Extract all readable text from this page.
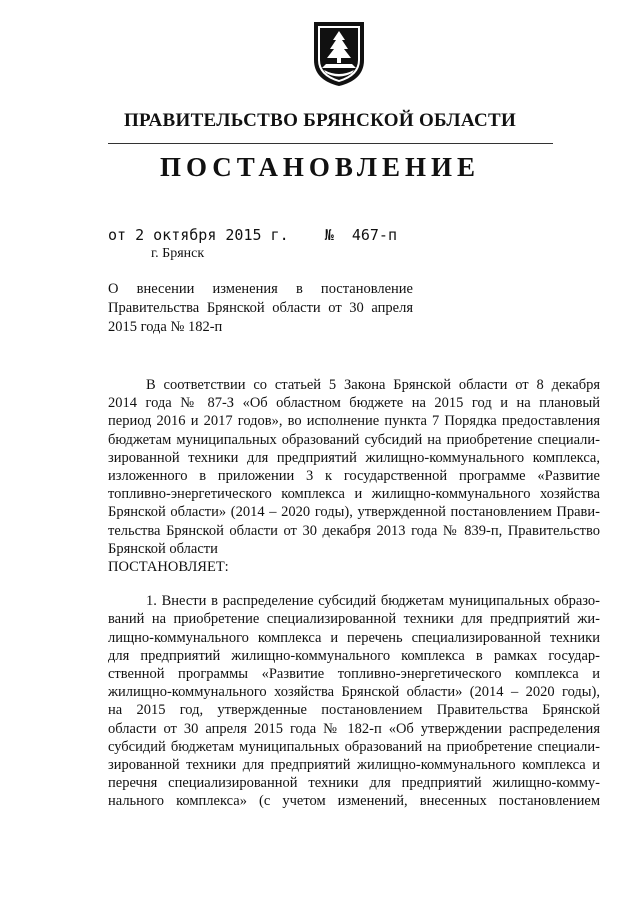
ПРАВИТЕЛЬСТВО БРЯНСКОЙ ОБЛАСТИ
ПОСТАНОВЛЕНИЕ
от 2 октября 2015 г. № 467-п
г. Брянск
О внесении изменения в постановление
Правительства Брянской области от 30 апреля
2015 года № 182-п

В соответствии со статьей 5 Закона Брянской области от 8 декабря
2014 года № 87-З «Об областном бюджете на 2015 год и на плановый
период 2016 и 2017 годов», во исполнение пункта 7 Порядка предоставления
бюджетам муниципальных образований субсидий на приобретение специали-
зированной техники для предприятий жилищно-коммунального комплекса,
изложенного в приложении 3 к государственной программе «Развитие
топливно-энергетического комплекса и жилищно-коммунального хозяйства
Брянской области» (2014 – 2020 годы), утвержденной постановлением Прави-
тельства Брянской области от 30 декабря 2013 года № 839-п, Правительство
Брянской области

ПОСТАНОВЛЯЕТ:

1. Внести в распределение субсидий бюджетам муниципальных образо-
ваний на приобретение специализированной техники для предприятий жи-
лищно-коммунального комплекса и перечень специализированной техники
для предприятий жилищно-коммунального комплекса в рамках государ-
ственной программы «Развитие топливно-энергетического комплекса и
жилищно-коммунального хозяйства Брянской области» (2014 – 2020 годы),
на 2015 год, утвержденные постановлением Правительства Брянской
области от 30 апреля 2015 года № 182-п «Об утверждении распределения
субсидий бюджетам муниципальных образований на приобретение специали-
зированной техники для предприятий жилищно-коммунального комплекса и
перечня специализированной техники для предприятий жилищно-комму-
нального комплекса» (с учетом изменений, внесенных постановлением
